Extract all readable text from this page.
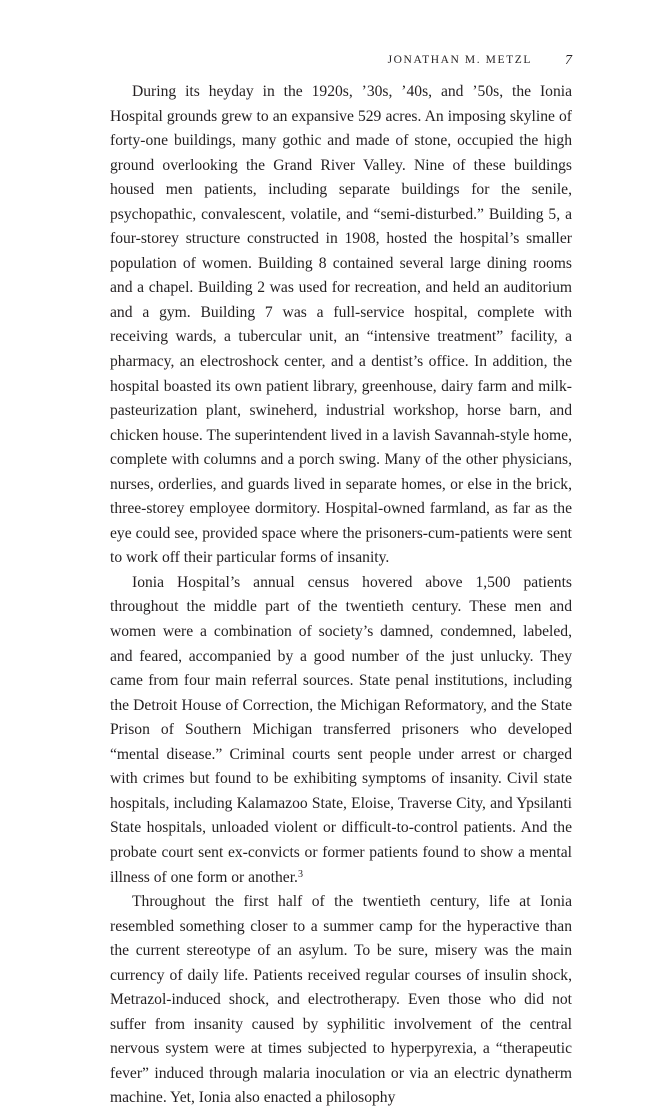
JONATHAN M. METZL 7

During its heyday in the 1920s, ’30s, ’40s, and ’50s, the Ionia Hospital grounds grew to an expansive 529 acres. An imposing skyline of forty-one buildings, many gothic and made of stone, occupied the high ground overlooking the Grand River Valley. Nine of these buildings housed men patients, including separate buildings for the senile, psychopathic, convalescent, volatile, and “semi-disturbed.” Building 5, a four-storey structure constructed in 1908, hosted the hospital’s smaller population of women. Building 8 contained several large dining rooms and a chapel. Building 2 was used for recreation, and held an auditorium and a gym. Building 7 was a full-service hospital, complete with receiving wards, a tubercular unit, an “intensive treatment” facility, a pharmacy, an electroshock center, and a dentist’s office. In addition, the hospital boasted its own patient library, greenhouse, dairy farm and milk-pasteurization plant, swineherd, industrial workshop, horse barn, and chicken house. The superintendent lived in a lavish Savannah-style home, complete with columns and a porch swing. Many of the other physicians, nurses, orderlies, and guards lived in separate homes, or else in the brick, three-storey employee dormitory. Hospital-owned farmland, as far as the eye could see, provided space where the prisoners-cum-patients were sent to work off their particular forms of insanity.

Ionia Hospital’s annual census hovered above 1,500 patients throughout the middle part of the twentieth century. These men and women were a combination of society’s damned, condemned, labeled, and feared, accompanied by a good number of the just unlucky. They came from four main referral sources. State penal institutions, including the Detroit House of Correction, the Michigan Reformatory, and the State Prison of Southern Michigan transferred prisoners who developed “mental disease.” Criminal courts sent people under arrest or charged with crimes but found to be exhibiting symptoms of insanity. Civil state hospitals, including Kalamazoo State, Eloise, Traverse City, and Ypsilanti State hospitals, unloaded violent or difficult-to-control patients. And the probate court sent ex-convicts or former patients found to show a mental illness of one form or another.$^3$

Throughout the first half of the twentieth century, life at Ionia resembled something closer to a summer camp for the hyperactive than the current stereotype of an asylum. To be sure, misery was the main currency of daily life. Patients received regular courses of insulin shock, Metrazol-induced shock, and electrotherapy. Even those who did not suffer from insanity caused by syphilitic involvement of the central nervous system were at times subjected to hyperpyrexia, a “therapeutic fever” induced through malaria inoculation or via an electric dynatherm machine. Yet, Ionia also enacted a philosophy
